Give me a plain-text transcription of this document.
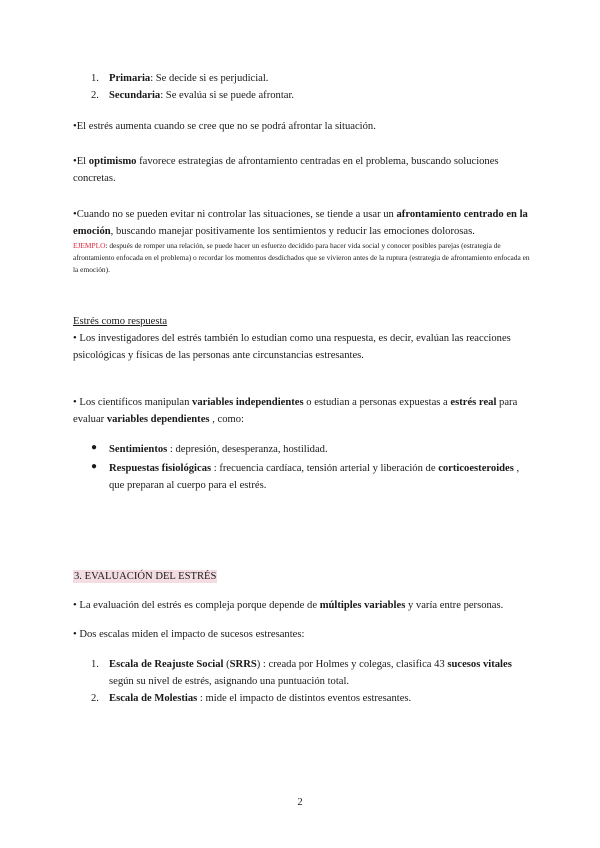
1. Primaria: Se decide si es perjudicial.
2. Secundaria: Se evalúa si se puede afrontar.

•El estrés aumenta cuando se cree que no se podrá afrontar la situación.

•El optimismo favorece estrategias de afrontamiento centradas en el problema, buscando soluciones concretas.

•Cuando no se pueden evitar ni controlar las situaciones, se tiende a usar un afrontamiento centrado en la emoción, buscando manejar positivamente los sentimientos y reducir las emociones dolorosas.

EJEMPLO: después de romper una relación, se puede hacer un esfuerzo decidido para hacer vida social y conocer posibles parejas (estrategia de afrontamiento enfocada en el problema) o recordar los momentos desdichados que se vivieron antes de la ruptura (estrategia de afrontamiento enfocada en la emoción).

Estrés como respuesta

• Los investigadores del estrés también lo estudian como una respuesta, es decir, evalúan las reacciones psicológicas y físicas de las personas ante circunstancias estresantes.

• Los científicos manipulan variables independientes o estudian a personas expuestas a estrés real para evaluar variables dependientes , como:

● Sentimientos : depresión, desesperanza, hostilidad.
● Respuestas fisiológicas : frecuencia cardíaca, tensión arterial y liberación de corticoesteroides , que preparan al cuerpo para el estrés.

3. EVALUACIÓN DEL ESTRÉS

• La evaluación del estrés es compleja porque depende de múltiples variables y varía entre personas.

• Dos escalas miden el impacto de sucesos estresantes:

1. Escala de Reajuste Social (SRRS) : creada por Holmes y colegas, clasifica 43 sucesos vitales según su nivel de estrés, asignando una puntuación total.
2. Escala de Molestias : mide el impacto de distintos eventos estresantes.
2
